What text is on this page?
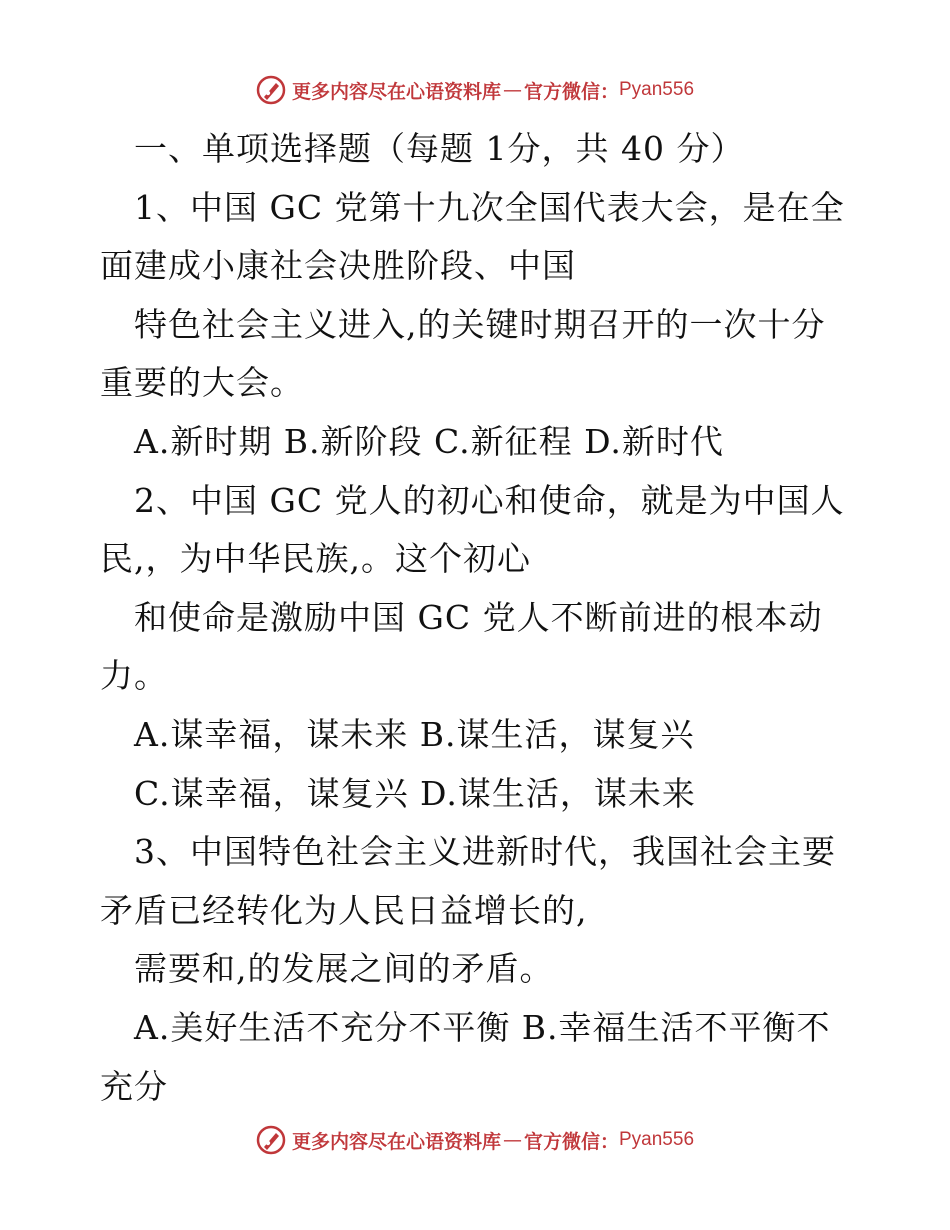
更多内容尽在心语资料库 — 官方微信： Pyan556
一、单项选择题（每题 1分，共 40 分）
1、中国 GC 党第十九次全国代表大会，是在全
面建成小康社会决胜阶段、中国
特色社会主义进入,的关键时期召开的一次十分
重要的大会。
A.新时期 B.新阶段 C.新征程 D.新时代
2、中国 GC 党人的初心和使命，就是为中国人
民,，为中华民族,。这个初心
和使命是激励中国 GC 党人不断前进的根本动
力。
A.谋幸福，谋未来 B.谋生活，谋复兴
C.谋幸福，谋复兴 D.谋生活，谋未来
3、中国特色社会主义进新时代，我国社会主要
矛盾已经转化为人民日益增长的,
需要和,的发展之间的矛盾。
A.美好生活不充分不平衡 B.幸福生活不平衡不
充分
更多内容尽在心语资料库 — 官方微信： Pyan556
